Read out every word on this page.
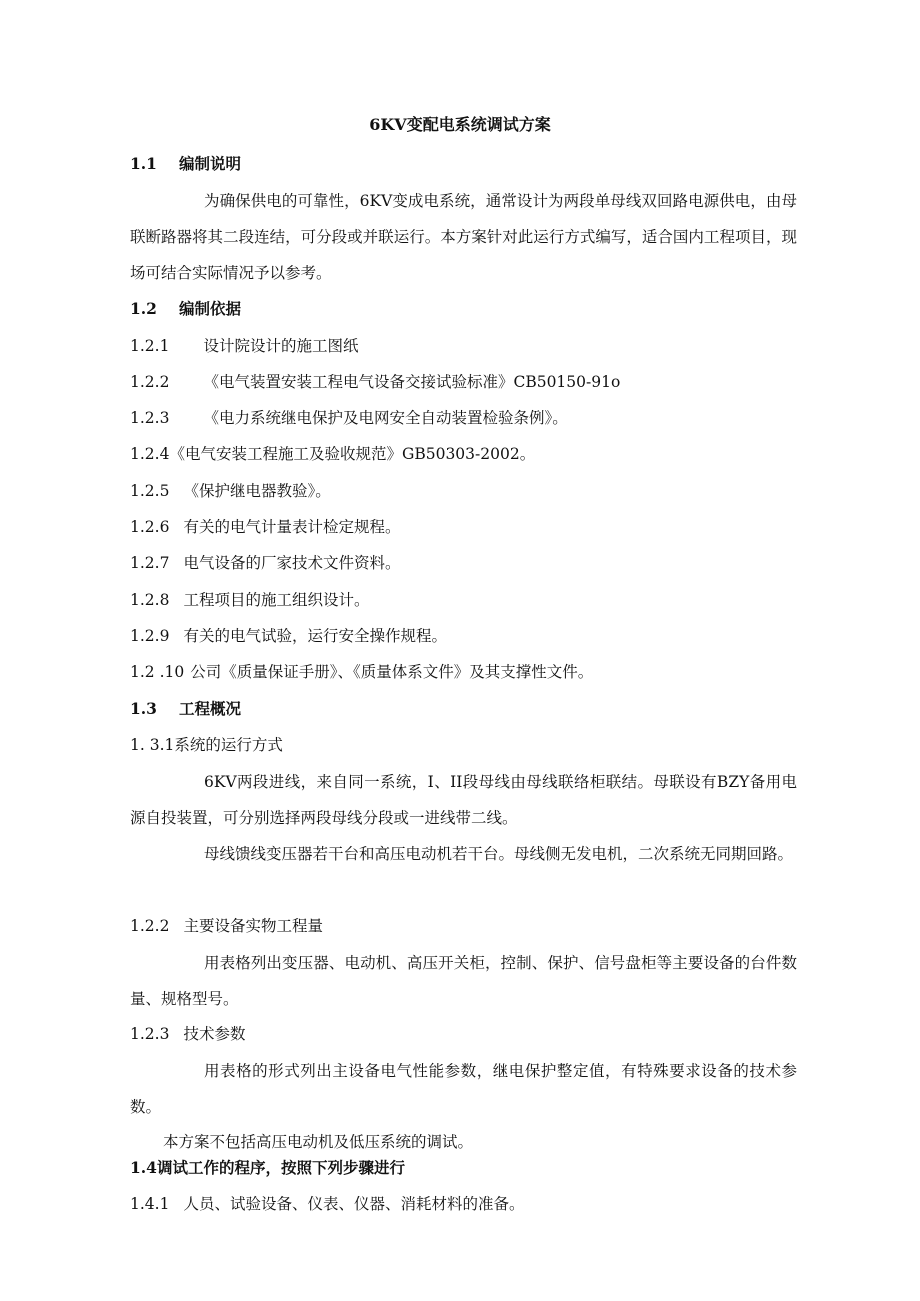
6KV变配电系统调试方案
1.1 编制说明
为确保供电的可靠性，6KV变成电系统，通常设计为两段单母线双回路电源供电，由母联断路器将其二段连结，可分段或并联运行。本方案针对此运行方式编写，适合国内工程项目，现场可结合实际情况予以参考。
1.2 编制依据
1.2.1 设计院设计的施工图纸
1.2.2 《电气装置安装工程电气设备交接试验标准》CB50150-91o
1.2.3 《电力系统继电保护及电网安全自动装置检验条例》。
1.2.4《电气安装工程施工及验收规范》GB50303-2002。
1.2.5 《保护继电器教验》。
1.2.6 有关的电气计量表计检定规程。
1.2.7 电气设备的厂家技术文件资料。
1.2.8 工程项目的施工组织设计。
1.2.9 有关的电气试验，运行安全操作规程。
1.2 .10 公司《质量保证手册》、《质量体系文件》及其支撑性文件。
1.3 工程概况
1. 3.1系统的运行方式
6KV两段进线，来自同一系统，I、II段母线由母线联络柜联结。母联设有BZY备用电源自投装置，可分别选择两段母线分段或一进线带二线。
母线馈线变压器若干台和高压电动机若干台。母线侧无发电机，二次系统无同期回路。
1.2.2 主要设备实物工程量
用表格列出变压器、电动机、高压开关柜，控制、保护、信号盘柜等主要设备的台件数量、规格型号。
1.2.3 技术参数
用表格的形式列出主设备电气性能参数，继电保护整定值，有特殊要求设备的技术参数。
本方案不包括高压电动机及低压系统的调试。
1.4调试工作的程序，按照下列步骤进行
1.4.1 人员、试验设备、仪表、仪器、消耗材料的准备。
